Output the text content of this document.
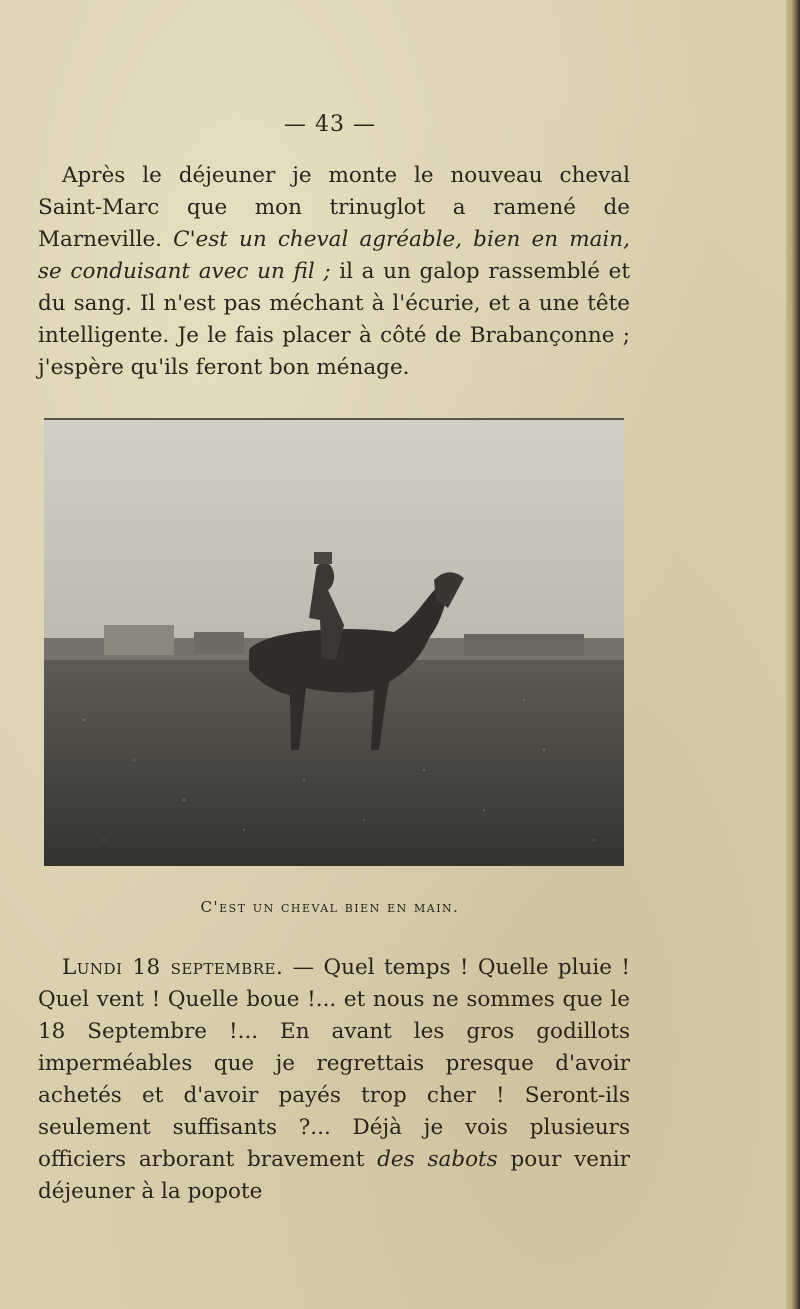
— 43 —

Après le déjeuner je monte le nouveau cheval Saint-Marc que mon trinuglot a ramené de Marneville. C'est un cheval agréable, bien en main, se conduisant avec un fil ; il a un galop rassemblé et du sang. Il n'est pas méchant à l'écurie, et a une tête intelligente. Je le fais placer à côté de Brabançonne ; j'espère qu'ils feront bon ménage.

C'est un cheval bien en main.

Lundi 18 septembre. — Quel temps ! Quelle pluie ! Quel vent ! Quelle boue !... et nous ne sommes que le 18 Septembre !... En avant les gros godillots imperméables que je regrettais presque d'avoir achetés et d'avoir payés trop cher ! Seront-ils seulement suffisants ?... Déjà je vois plusieurs officiers arborant bravement des sabots pour venir déjeuner à la popote
